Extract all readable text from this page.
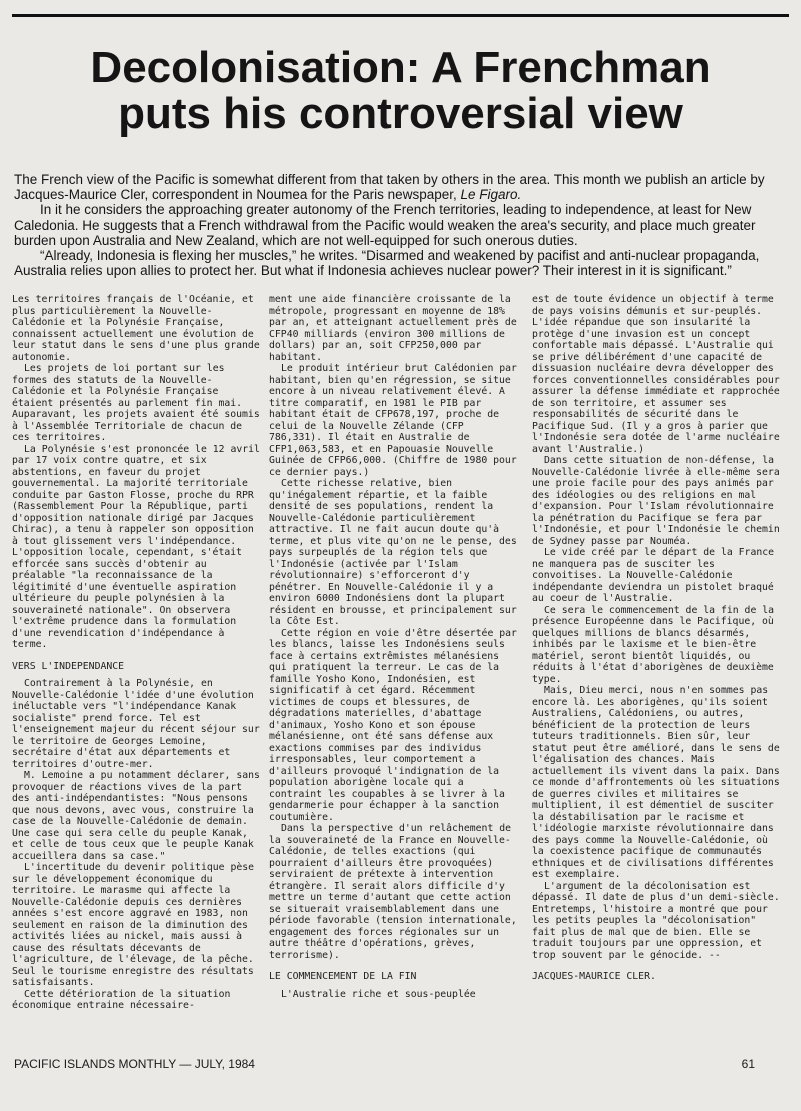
Decolonisation: A Frenchman
puts his controversial view

The French view of the Pacific is somewhat different from that taken by others in the area. This month we publish an article by Jacques-Maurice Cler, correspondent in Noumea for the Paris newspaper, Le Figaro.

In it he considers the approaching greater autonomy of the French territories, leading to independence, at least for New Caledonia. He suggests that a French withdrawal from the Pacific would weaken the area's security, and place much greater burden upon Australia and New Zealand, which are not well-equipped for such onerous duties.

“Already, Indonesia is flexing her muscles,” he writes. “Disarmed and weakened by pacifist and anti-nuclear propaganda, Australia relies upon allies to protect her. But what if Indonesia achieves nuclear power? Their interest in it is significant.”

Les territoires français de l'Océanie, et plus particulièrement la Nouvelle-Calédonie et la Polynésie Française, connaissent actuellement une évolution de leur statut dans le sens d'une plus grande autonomie.

Les projets de loi portant sur les formes des statuts de la Nouvelle-Calédonie et la Polynésie Française étaient présentés au parlement fin mai. Auparavant, les projets avaient été soumis à l'Assemblée Territoriale de chacun de ces territoires.

La Polynésie s'est prononcée le 12 avril par 17 voix contre quatre, et six abstentions, en faveur du projet gouvernemental. La majorité territoriale conduite par Gaston Flosse, proche du RPR (Rassemblement Pour la République, parti d'opposition nationale dirigé par Jacques Chirac), a tenu à rappeler son opposition à tout glissement vers l'indépendance. L'opposition locale, cependant, s'était efforcée sans succès d'obtenir au préalable "la reconnaissance de la légitimité d'une éventuelle aspiration ultérieure du peuple polynésien à la souveraineté nationale". On observera l'extrême prudence dans la formulation d'une revendication d'indépendance à terme.

VERS L'INDEPENDANCE

Contrairement à la Polynésie, en Nouvelle-Calédonie l'idée d'une évolution inéluctable vers "l'indépendance Kanak socialiste" prend force. Tel est l'enseignement majeur du récent séjour sur le territoire de Georges Lemoine, secrétaire d'état aux départements et territoires d'outre-mer.

M. Lemoine a pu notamment déclarer, sans provoquer de réactions vives de la part des anti-indépendantistes: "Nous pensons que nous devons, avec vous, construire la case de la Nouvelle-Calédonie de demain. Une case qui sera celle du peuple Kanak, et celle de tous ceux que le peuple Kanak accueillera dans sa case."

L'incertitude du devenir politique pèse sur le développement économique du territoire. Le marasme qui affecte la Nouvelle-Calédonie depuis ces dernières années s'est encore aggravé en 1983, non seulement en raison de la diminution des activités liées au nickel, mais aussi à cause des résultats décevants de l'agriculture, de l'élevage, de la pêche. Seul le tourisme enregistre des résultats satisfaisants.

Cette détérioration de la situation économique entraine nécessaire-

ment une aide financière croissante de la métropole, progressant en moyenne de 18% par an, et atteignant actuellement près de CFP40 milliards (environ 300 millions de dollars) par an, soit CFP250,000 par habitant.

Le produit intérieur brut Calédonien par habitant, bien qu'en régression, se situe encore à un niveau relativement élevé. A titre comparatif, en 1981 le PIB par habitant était de CFP678,197, proche de celui de la Nouvelle Zélande (CFP 786,331). Il était en Australie de CFP1,063,583, et en Papouasie Nouvelle Guinée de CFP66,000. (Chiffre de 1980 pour ce dernier pays.)

Cette richesse relative, bien qu'inégalement répartie, et la faible densité de ses populations, rendent la Nouvelle-Calédonie particulièrement attractive. Il ne fait aucun doute qu'à terme, et plus vite qu'on ne le pense, des pays surpeuplés de la région tels que l'Indonésie (activée par l'Islam révolutionnaire) s'efforceront d'y pénétrer. En Nouvelle-Calédonie il y a environ 6000 Indonésiens dont la plupart résident en brousse, et principalement sur la Côte Est.

Cette région en voie d'être désertée par les blancs, laisse les Indonésiens seuls face à certains extrêmistes mélanésiens qui pratiquent la terreur. Le cas de la famille Yosho Kono, Indonésien, est significatif à cet égard. Récemment victimes de coups et blessures, de dégradations materielles, d'abattage d'animaux, Yosho Kono et son épouse mélanésienne, ont été sans défense aux exactions commises par des individus irresponsables, leur comportement a d'ailleurs provoqué l'indignation de la population aborigène locale qui a contraint les coupables à se livrer à la gendarmerie pour échapper à la sanction coutumière.

Dans la perspective d'un relâchement de la souveraineté de la France en Nouvelle-Calédonie, de telles exactions (qui pourraient d'ailleurs être provoquées) serviraient de prétexte à intervention étrangère. Il serait alors difficile d'y mettre un terme d'autant que cette action se situerait vraisemblablement dans une période favorable (tension internationale, engagement des forces régionales sur un autre théâtre d'opérations, grèves, terrorisme).

LE COMMENCEMENT DE LA FIN

L'Australie riche et sous-peuplée

est de toute évidence un objectif à terme de pays voisins démunis et sur-peuplés. L'idée répandue que son insularité la protège d'une invasion est un concept confortable mais dépassé. L'Australie qui se prive délibérément d'une capacité de dissuasion nucléaire devra développer des forces conventionnelles considérables pour assurer la défense immédiate et rapprochée de son territoire, et assumer ses responsabilités de sécurité dans le Pacifique Sud. (Il y a gros à parier que l'Indonésie sera dotée de l'arme nucléaire avant l'Australie.)

Dans cette situation de non-défense, la Nouvelle-Calédonie livrée à elle-même sera une proie facile pour des pays animés par des idéologies ou des religions en mal d'expansion. Pour l'Islam révolutionnaire la pénétration du Pacifique se fera par l'Indonésie, et pour l'Indonésie le chemin de Sydney passe par Nouméa.

Le vide créé par le départ de la France ne manquera pas de susciter les convoitises. La Nouvelle-Calédonie indépendante deviendra un pistolet braqué au coeur de l'Australie.

Ce sera le commencement de la fin de la présence Européenne dans le Pacifique, où quelques millions de blancs désarmés, inhibés par le laxisme et le bien-être matériel, seront bientôt liquidés, ou réduits à l'état d'aborigènes de deuxième type.

Mais, Dieu merci, nous n'en sommes pas encore là. Les aborigènes, qu'ils soient Australiens, Calédoniens, ou autres, bénéficient de la protection de leurs tuteurs traditionnels. Bien sûr, leur statut peut être amélioré, dans le sens de l'égalisation des chances. Mais actuellement ils vivent dans la paix. Dans ce monde d'affrontements où les situations de guerres civiles et militaires se multiplient, il est démentiel de susciter la déstabilisation par le racisme et l'idéologie marxiste révolutionnaire dans des pays comme la Nouvelle-Calédonie, où la coexistence pacifique de communautés ethniques et de civilisations différentes est exemplaire.

L'argument de la décolonisation est dépassé. Il date de plus d'un demi-siècle. Entretemps, l'histoire a montré que pour les petits peuples la "décolonisation" fait plus de mal que de bien. Elle se traduit toujours par une oppression, et trop souvent par le génocide. --

JACQUES-MAURICE CLER.

PACIFIC ISLANDS MONTHLY — JULY, 1984	61
